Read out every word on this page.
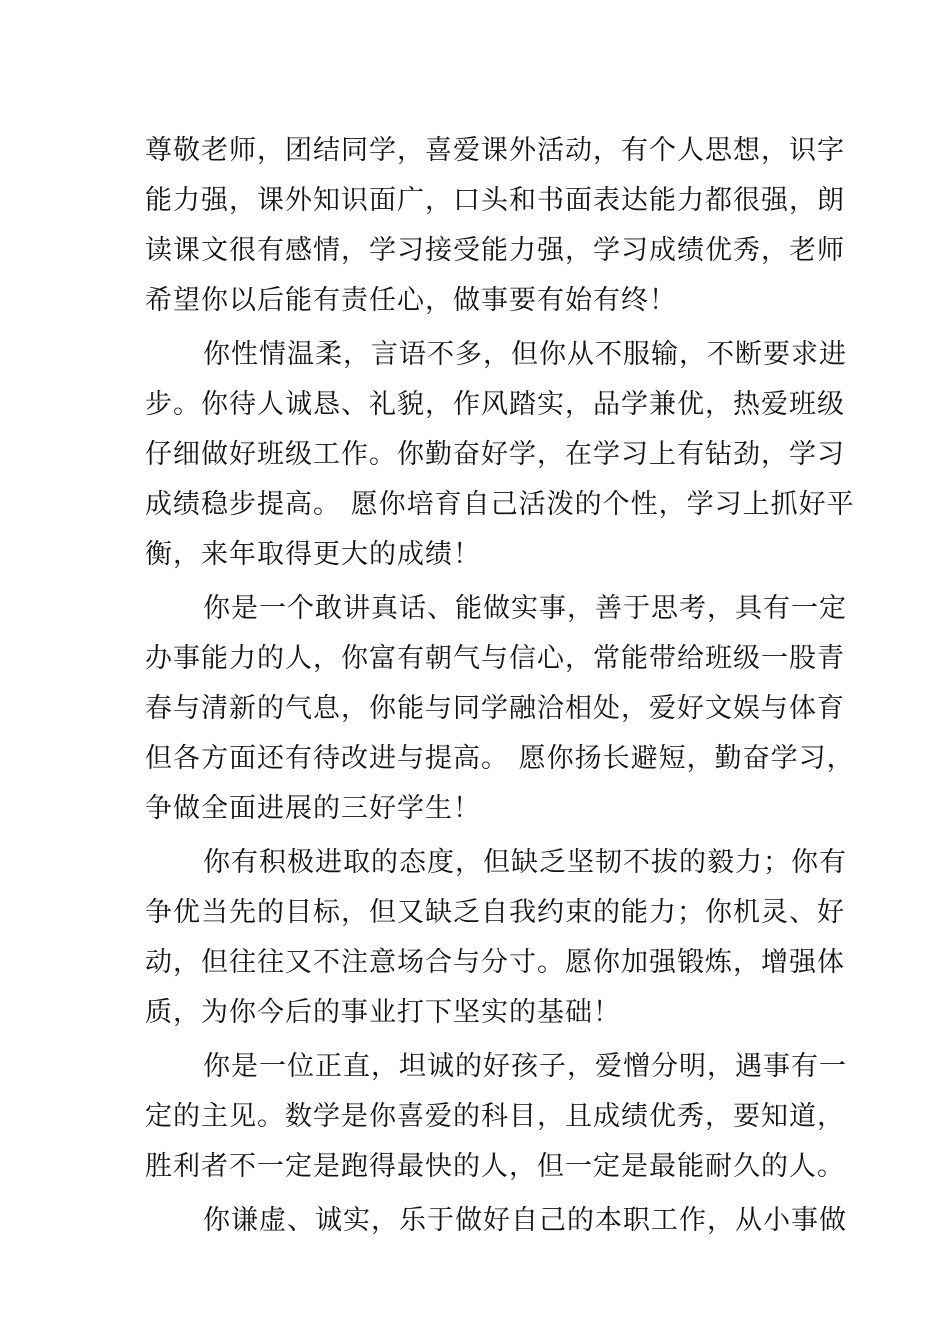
尊敬老师，团结同学，喜爱课外活动，有个人思想，识字

能力强，课外知识面广，口头和书面表达能力都很强，朗

读课文很有感情，学习接受能力强，学习成绩优秀，老师

希望你以后能有责任心，做事要有始有终！

你性情温柔，言语不多，但你从不服输，不断要求进

步。你待人诚恳、礼貌，作风踏实，品学兼优，热爱班级

仔细做好班级工作。你勤奋好学，在学习上有钻劲，学习

成绩稳步提高。 愿你培育自己活泼的个性，学习上抓好平

衡，来年取得更大的成绩！

你是一个敢讲真话、能做实事，善于思考，具有一定

办事能力的人，你富有朝气与信心，常能带给班级一股青

春与清新的气息，你能与同学融洽相处，爱好文娱与体育

但各方面还有待改进与提高。 愿你扬长避短，勤奋学习，

争做全面进展的三好学生！

你有积极进取的态度，但缺乏坚韧不拔的毅力；你有

争优当先的目标，但又缺乏自我约束的能力；你机灵、好

动，但往往又不注意场合与分寸。愿你加强锻炼，增强体

质，为你今后的事业打下坚实的基础！

你是一位正直，坦诚的好孩子，爱憎分明，遇事有一

定的主见。数学是你喜爱的科目，且成绩优秀，要知道，

胜利者不一定是跑得最快的人，但一定是最能耐久的人。

你谦虚、诚实，乐于做好自己的本职工作，从小事做
